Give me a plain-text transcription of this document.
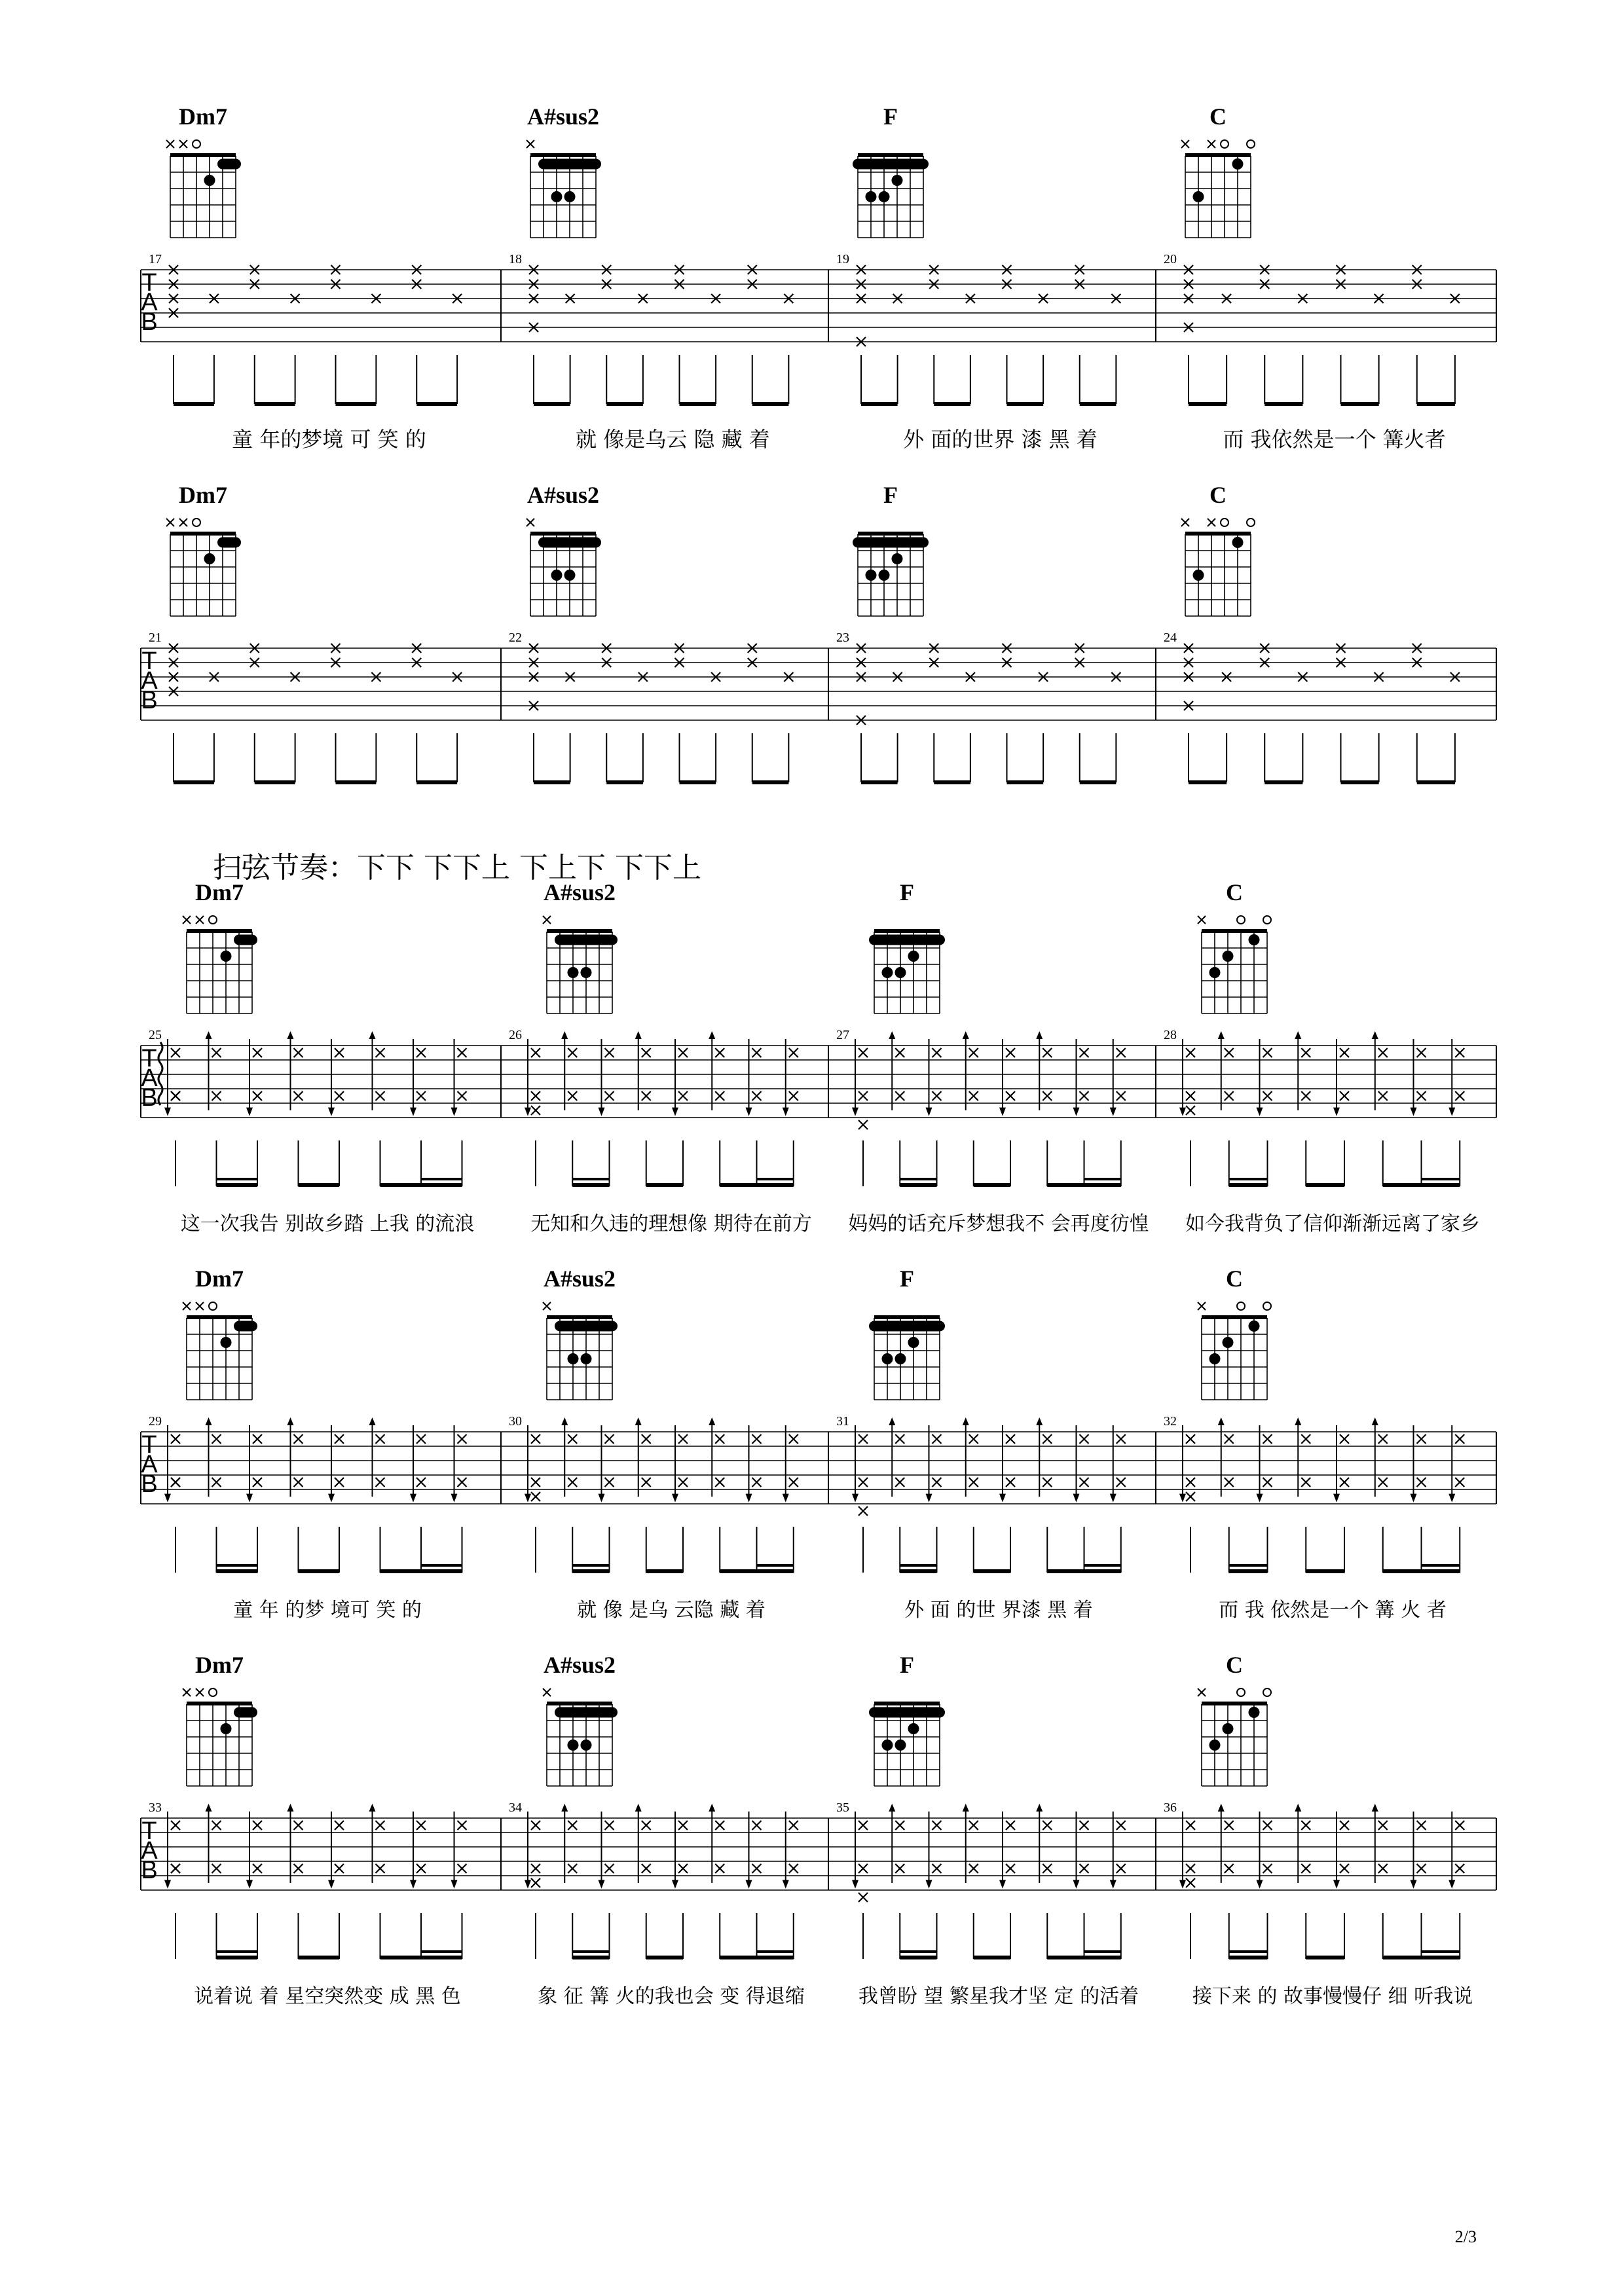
扫弦节奏：下下 下下上 下上下 下下上
Dm7	A#sus2	F	C
T
A
B
17	18	19	20
童 年的梦境 可 笑 的	就 像是乌云 隐 藏 着	外 面的世界 漆 黑 着	而 我依然是一个 篝火者
Dm7	A#sus2	F	C
T
A
B
21	22	23	24
Dm7	A#sus2	F	C
T
A
B
25	26	27	28
这一次我告 别故乡踏 上我 的流浪	无知和久违的理想像 期待在前方 妈妈的话充斥梦想我不 会再度彷惶 如今我背负了信仰渐渐远离了家乡
Dm7	A#sus2	F	C
T
A
B
29	30	31	32
童 年 的梦 境可 笑 的	就 像 是乌 云隐 藏 着	外 面 的世 界漆 黑 着	而 我 依然是一个 篝 火 者
Dm7	A#sus2	F	C
T
A
B
33	34	35	36
说着说 着 星空突然变 成 黑 色	象 征 篝 火的我也会 变 得退缩	我曾盼 望 繁星我才坚 定 的活着	接下来 的 故事慢慢仔 细 听我说
2/3
